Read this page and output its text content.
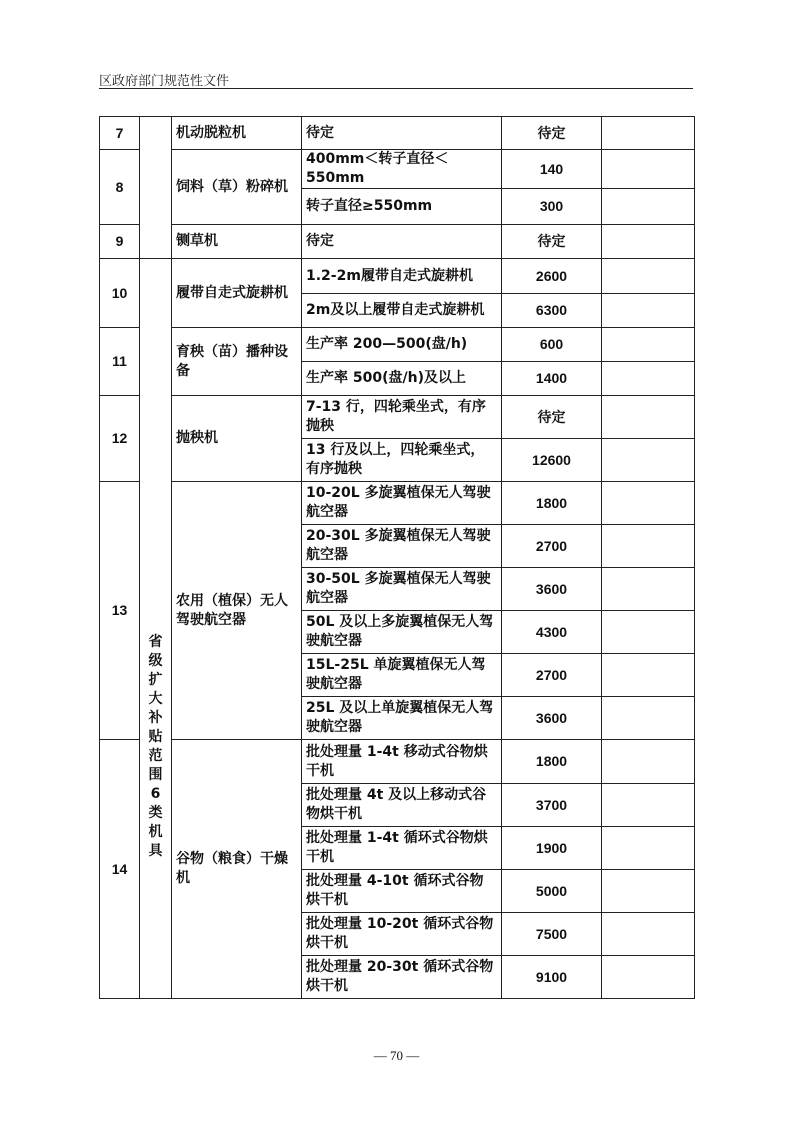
区政府部门规范性文件
7		机动脱粒机	待定	待定	
8		饲料（草）粉碎机	400mm＜转子直径＜550mm	140	
			转子直径≥550mm	300	
9		铡草机	待定	待定	
10	省级扩大补贴范围6类机具	履带自走式旋耕机	1.2-2m履带自走式旋耕机	2600	
			2m及以上履带自走式旋耕机	6300	
11		育秧（苗）播种设备	生产率 200—500(盘/h)	600	
			生产率 500(盘/h)及以上	1400	
12		抛秧机	7-13 行，四轮乘坐式，有序抛秧	待定	
			13 行及以上，四轮乘坐式，有序抛秧	12600	
13		农用（植保）无人驾驶航空器	10-20L 多旋翼植保无人驾驶航空器	1800	
			20-30L 多旋翼植保无人驾驶航空器	2700	
			30-50L 多旋翼植保无人驾驶航空器	3600	
			50L 及以上多旋翼植保无人驾驶航空器	4300	
			15L-25L 单旋翼植保无人驾驶航空器	2700	
			25L 及以上单旋翼植保无人驾驶航空器	3600	
14		谷物（粮食）干燥机	批处理量 1-4t 移动式谷物烘干机	1800	
			批处理量 4t 及以上移动式谷物烘干机	3700	
			批处理量 1-4t 循环式谷物烘干机	1900	
			批处理量 4-10t 循环式谷物烘干机	5000	
			批处理量 10-20t 循环式谷物烘干机	7500	
			批处理量 20-30t 循环式谷物烘干机	9100	
— 70 —
